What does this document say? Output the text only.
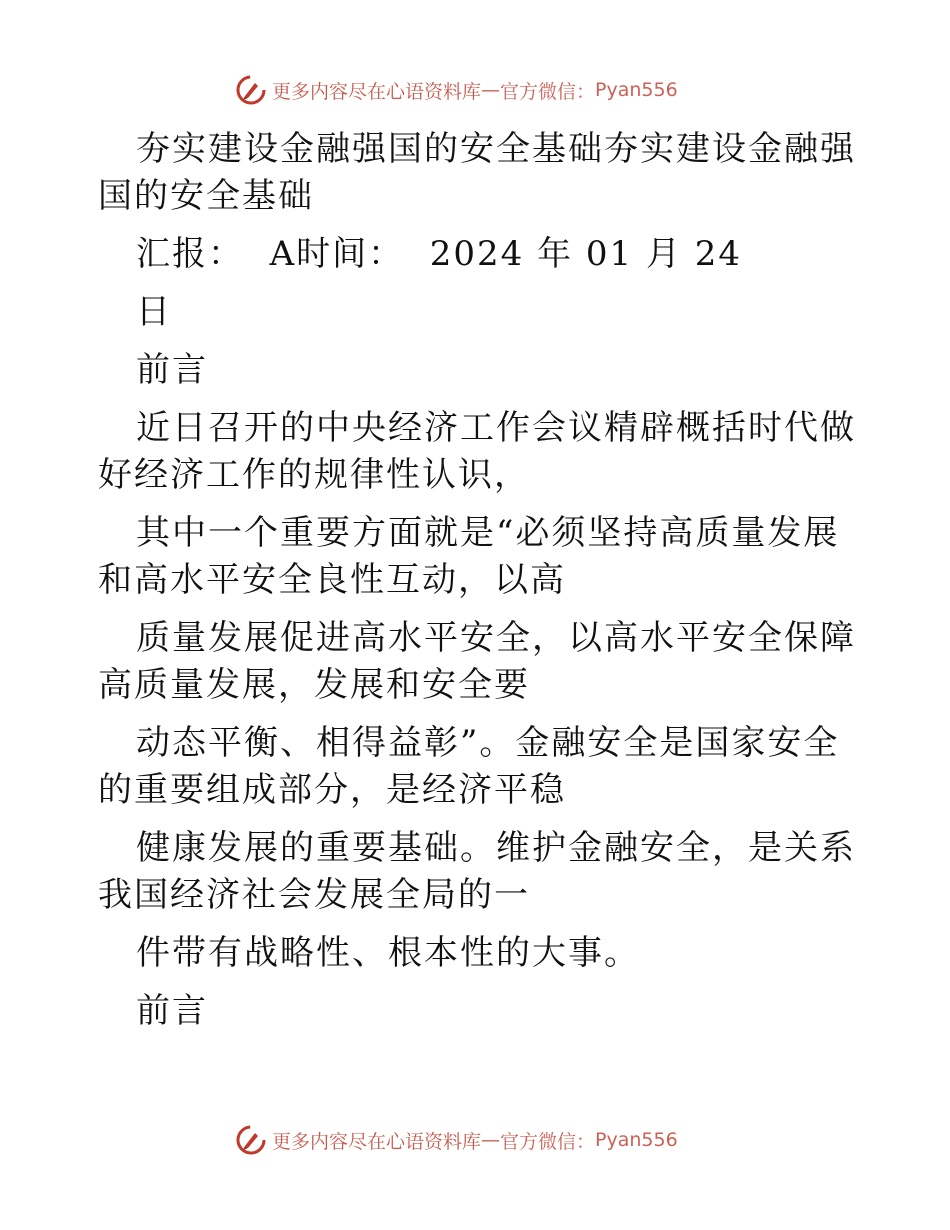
更多内容尽在心语资料库 — 官方微信： Pyan556

夯实建设金融强国的安全基础夯实建设金融强国的安全基础

汇报：  A时间：  2024 年 01 月 24

日

前言

近日召开的中央经济工作会议精辟概括时代做好经济工作的规律性认识，

其中一个重要方面就是“必须坚持高质量发展和高水平安全良性互动，以高

质量发展促进高水平安全，以高水平安全保障高质量发展，发展和安全要

动态平衡、相得益彰”。金融安全是国家安全的重要组成部分，是经济平稳

健康发展的重要基础。维护金融安全，是关系我国经济社会发展全局的一

件带有战略性、根本性的大事。

前言

更多内容尽在心语资料库 — 官方微信： Pyan556
